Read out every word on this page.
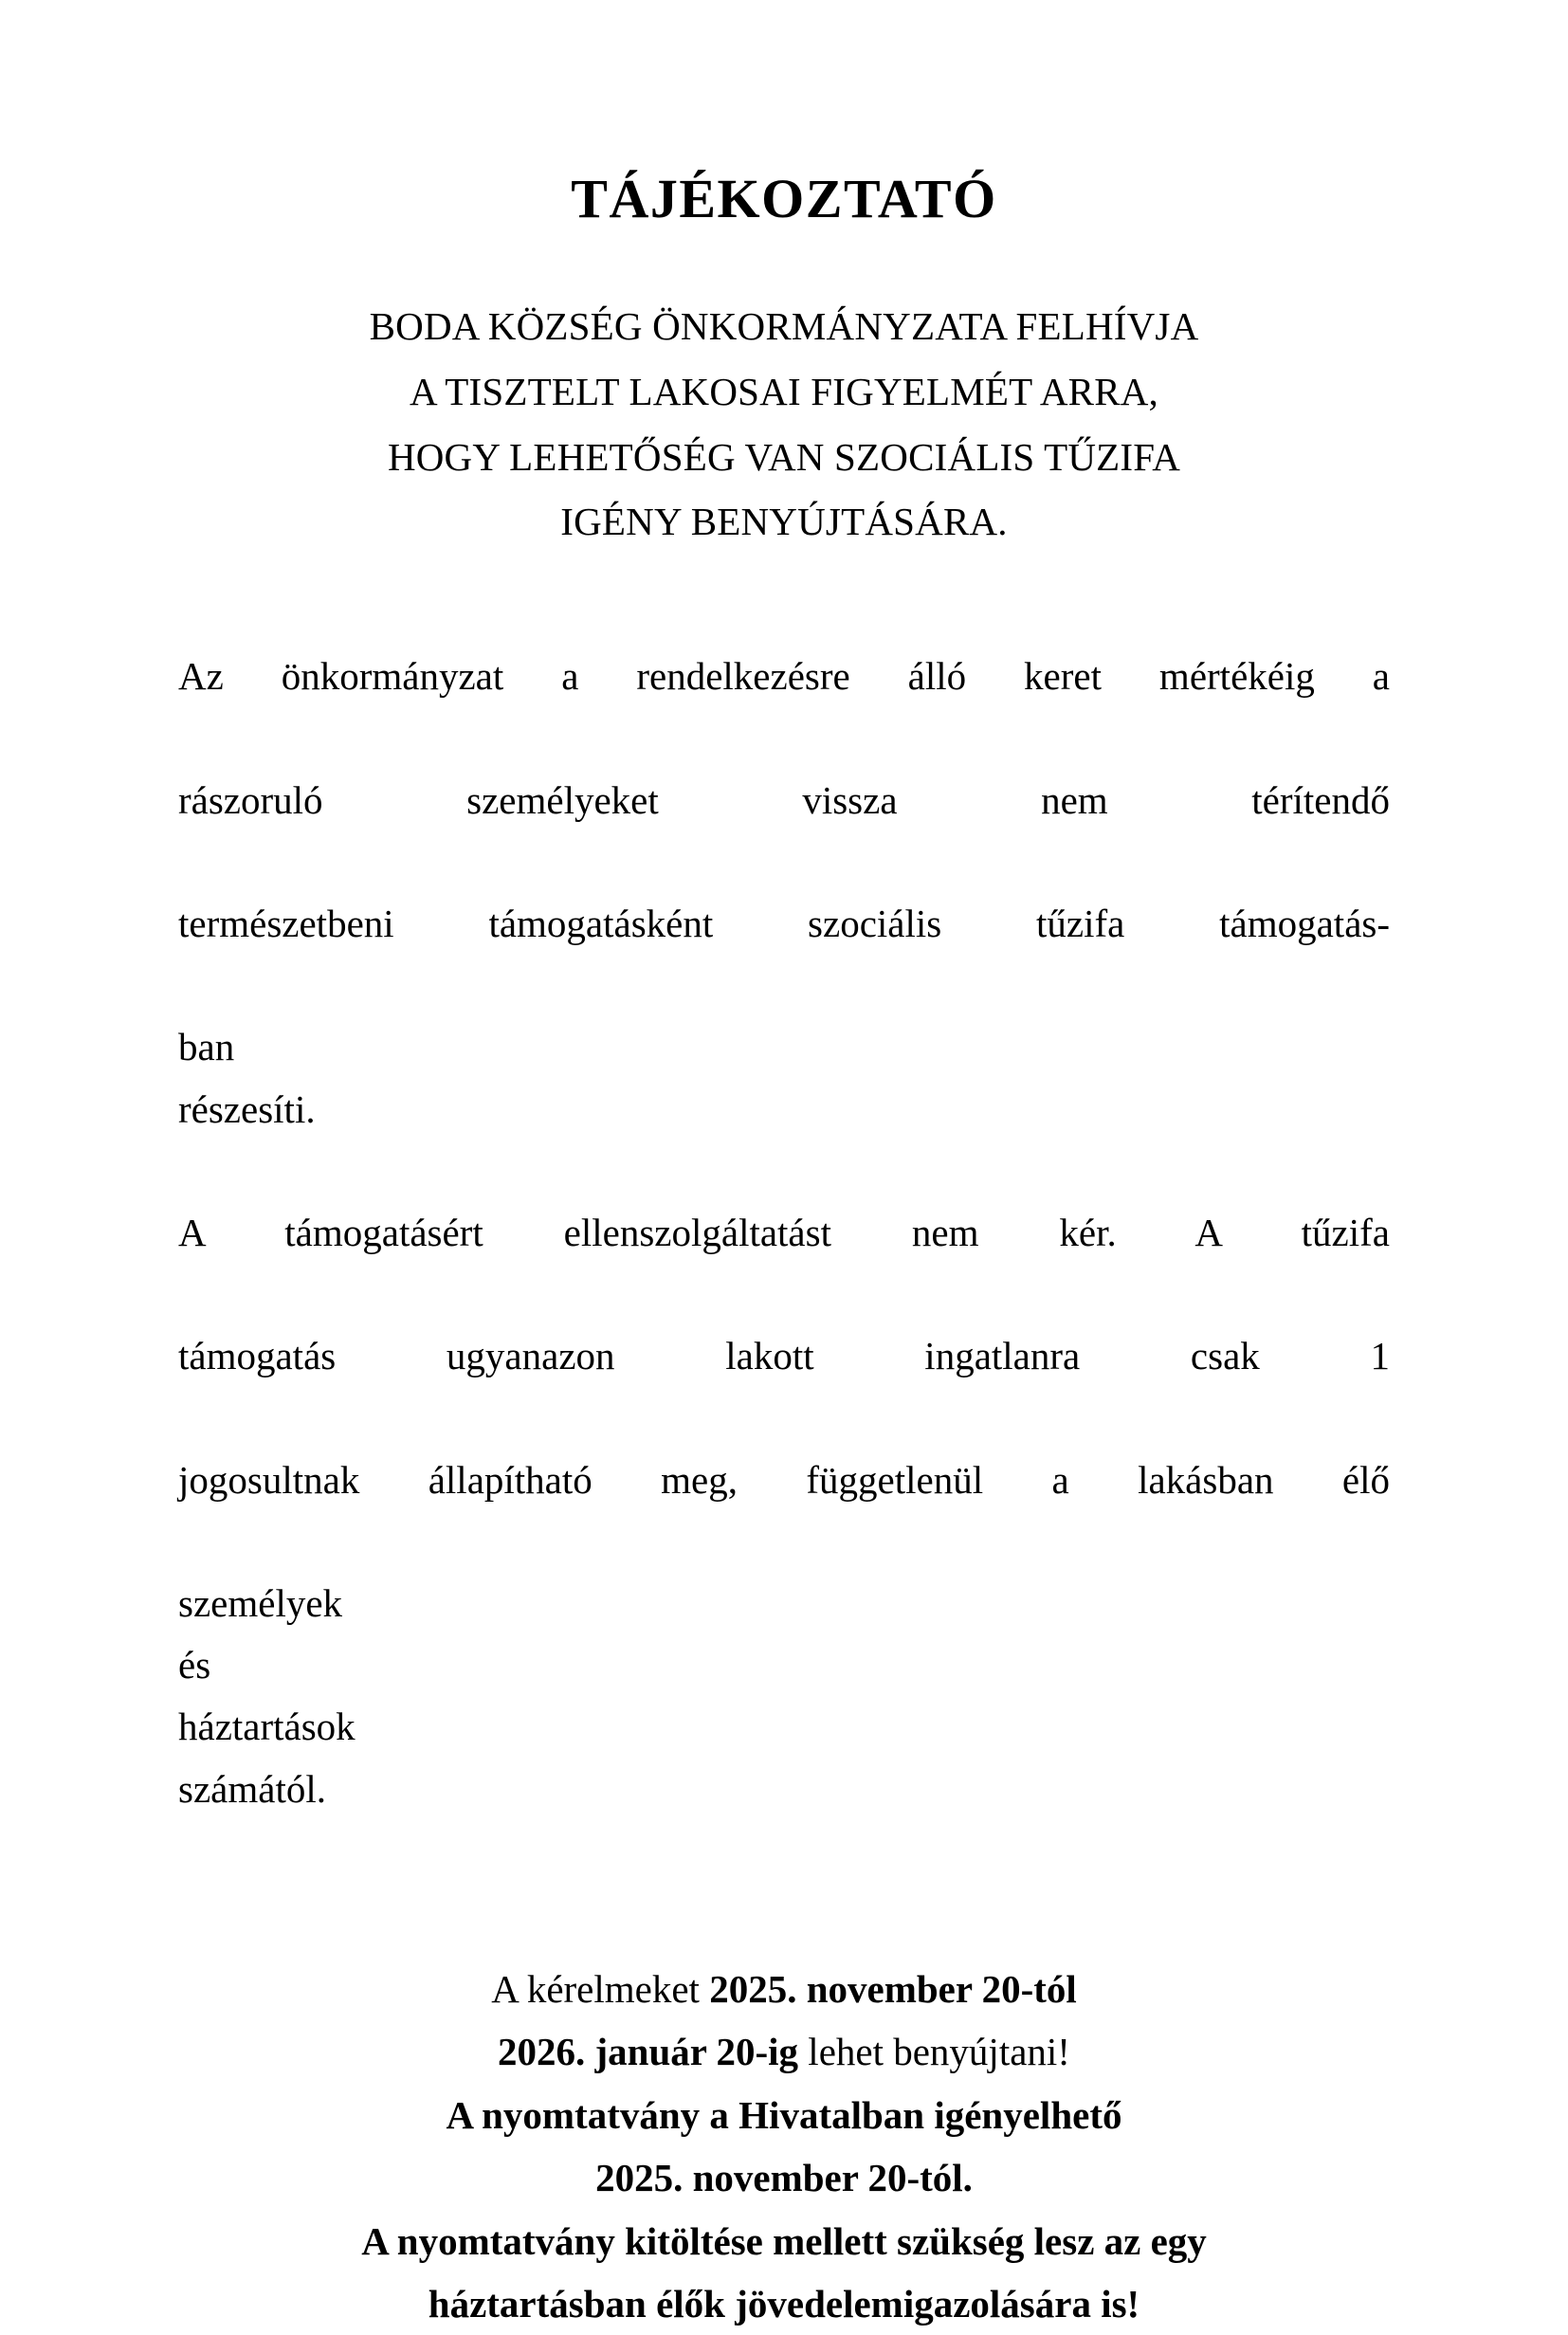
TÁJÉKOZTATÓ
BODA KÖZSÉG ÖNKORMÁNYZATA FELHÍVJA
A TISZTELT LAKOSAI FIGYELMÉT ARRA,
HOGY LEHETŐSÉG VAN SZOCIÁLIS TŰZIFA
IGÉNY BENYÚJTÁSÁRA.

Az önkormányzat a rendelkezésre álló keret mértékéig a
rászoruló személyeket vissza nem térítendő
természetbeni támogatásként szociális tűzifa támogatás-
ban részesíti.

A támogatásért ellenszolgáltatást nem kér. A tűzifa
támogatás ugyanazon lakott ingatlanra csak 1
jogosultnak állapítható meg, függetlenül a lakásban élő
személyek és háztartások számától.

A kérelmeket 2025. november 20-tól
2026. január 20-ig lehet benyújtani!
A nyomtatvány a Hivatalban igényelhető
2025. november 20-tól.
A nyomtatvány kitöltése mellett szükség lesz az egy
háztartásban élők jövedelemigazolására is!
